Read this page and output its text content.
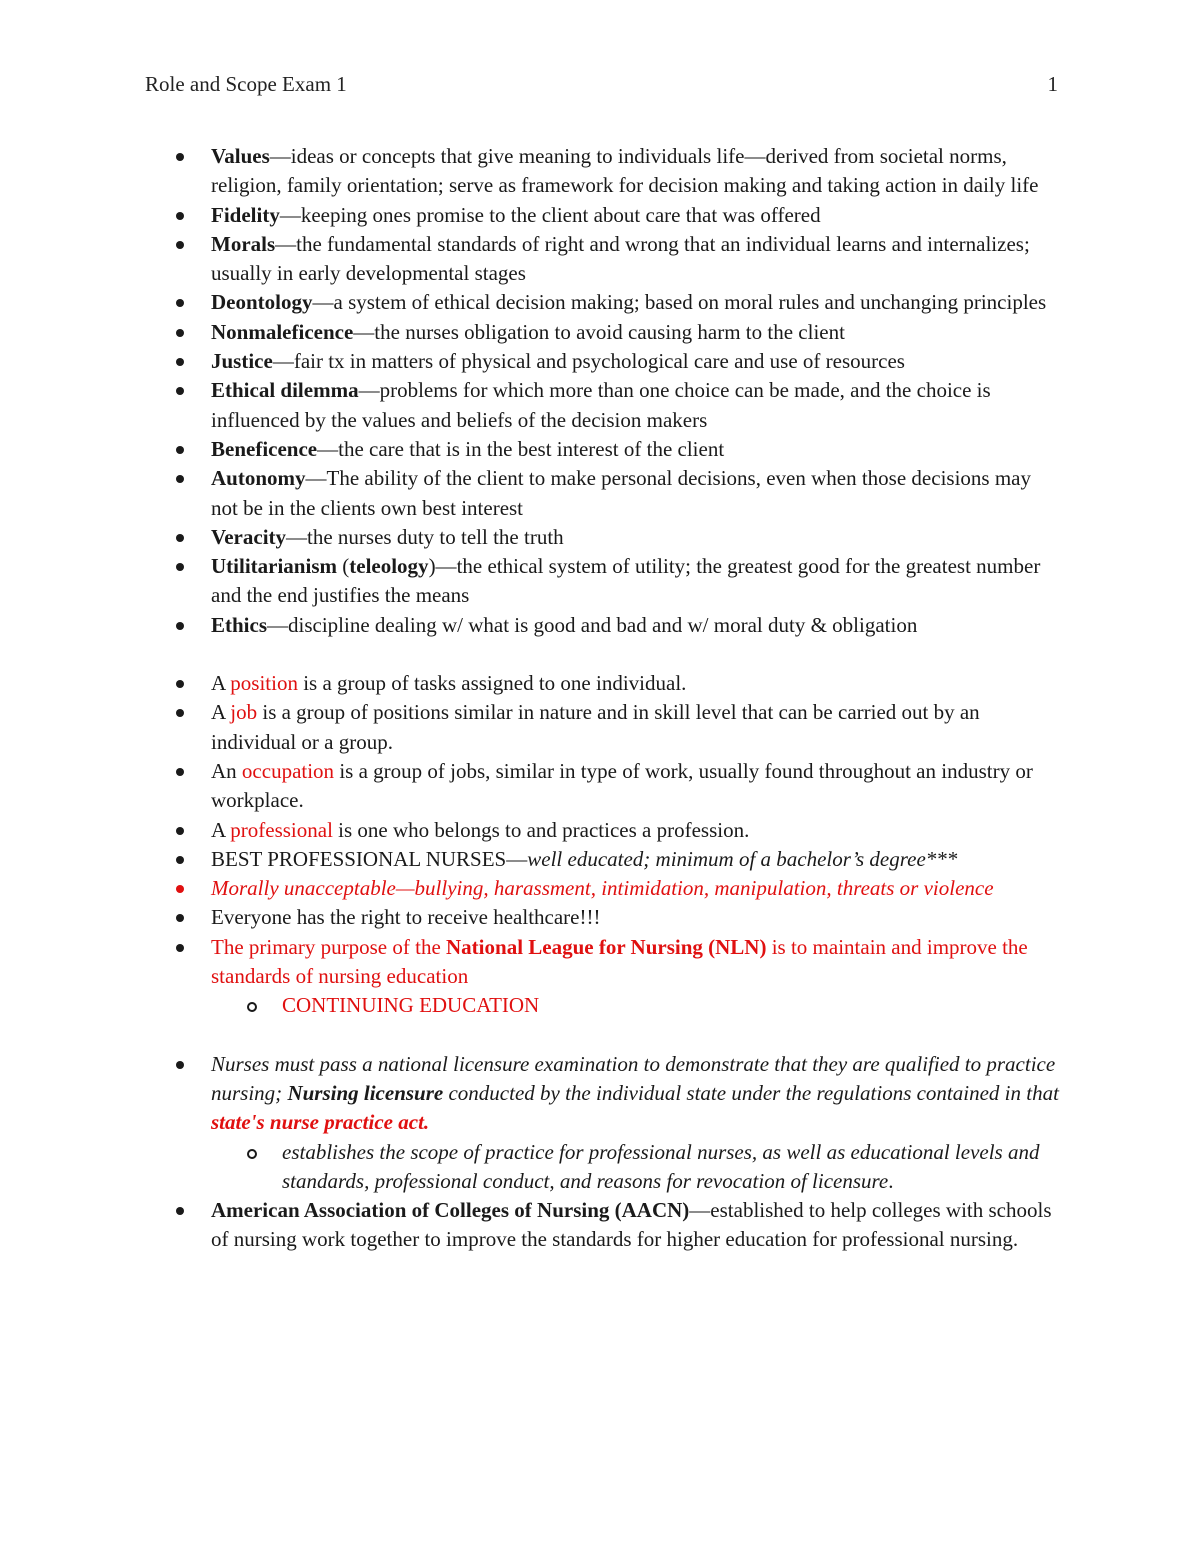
Role and Scope Exam 1	1
Values—ideas or concepts that give meaning to individuals life—derived from societal norms, religion, family orientation; serve as framework for decision making and taking action in daily life
Fidelity—keeping ones promise to the client about care that was offered
Morals—the fundamental standards of right and wrong that an individual learns and internalizes; usually in early developmental stages
Deontology—a system of ethical decision making; based on moral rules and unchanging principles
Nonmaleficence—the nurses obligation to avoid causing harm to the client
Justice—fair tx in matters of physical and psychological care and use of resources
Ethical dilemma—problems for which more than one choice can be made, and the choice is influenced by the values and beliefs of the decision makers
Beneficence—the care that is in the best interest of the client
Autonomy—The ability of the client to make personal decisions, even when those decisions may not be in the clients own best interest
Veracity—the nurses duty to tell the truth
Utilitarianism (teleology)—the ethical system of utility; the greatest good for the greatest number and the end justifies the means
Ethics—discipline dealing w/ what is good and bad and w/ moral duty & obligation
A position is a group of tasks assigned to one individual.
A job is a group of positions similar in nature and in skill level that can be carried out by an individual or a group.
An occupation is a group of jobs, similar in type of work, usually found throughout an industry or workplace.
A professional is one who belongs to and practices a profession.
BEST PROFESSIONAL NURSES—well educated; minimum of a bachelor’s degree***
Morally unacceptable—bullying, harassment, intimidation, manipulation, threats or violence
Everyone has the right to receive healthcare!!!
The primary purpose of the National League for Nursing (NLN) is to maintain and improve the standards of nursing education
CONTINUING EDUCATION
Nurses must pass a national licensure examination to demonstrate that they are qualified to practice nursing; Nursing licensure conducted by the individual state under the regulations contained in that state's nurse practice act.
establishes the scope of practice for professional nurses, as well as educational levels and standards, professional conduct, and reasons for revocation of licensure.
American Association of Colleges of Nursing (AACN)—established to help colleges with schools of nursing work together to improve the standards for higher education for professional nursing.
